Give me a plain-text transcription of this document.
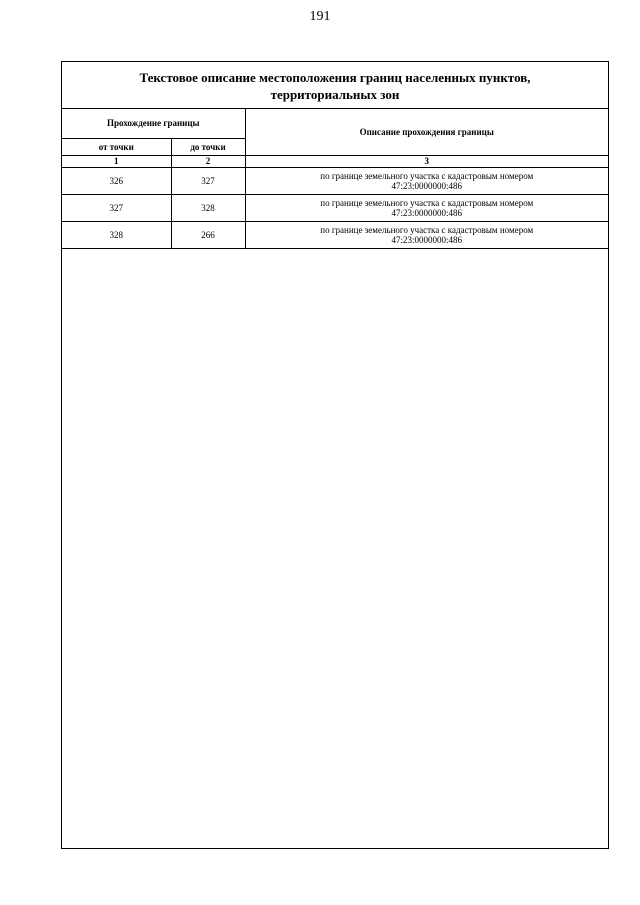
191
Текстовое описание местоположения границ населенных пунктов,
территориальных зон
Прохождение границы		Описание прохождения границы
от точки	до точки	
1	2	3
326	327	по границе земельного участка с кадастровым номером
47:23:0000000:486

327	328	по границе земельного участка с кадастровым номером
47:23:0000000:486

328	266	по границе земельного участка с кадастровым номером
47:23:0000000:486
